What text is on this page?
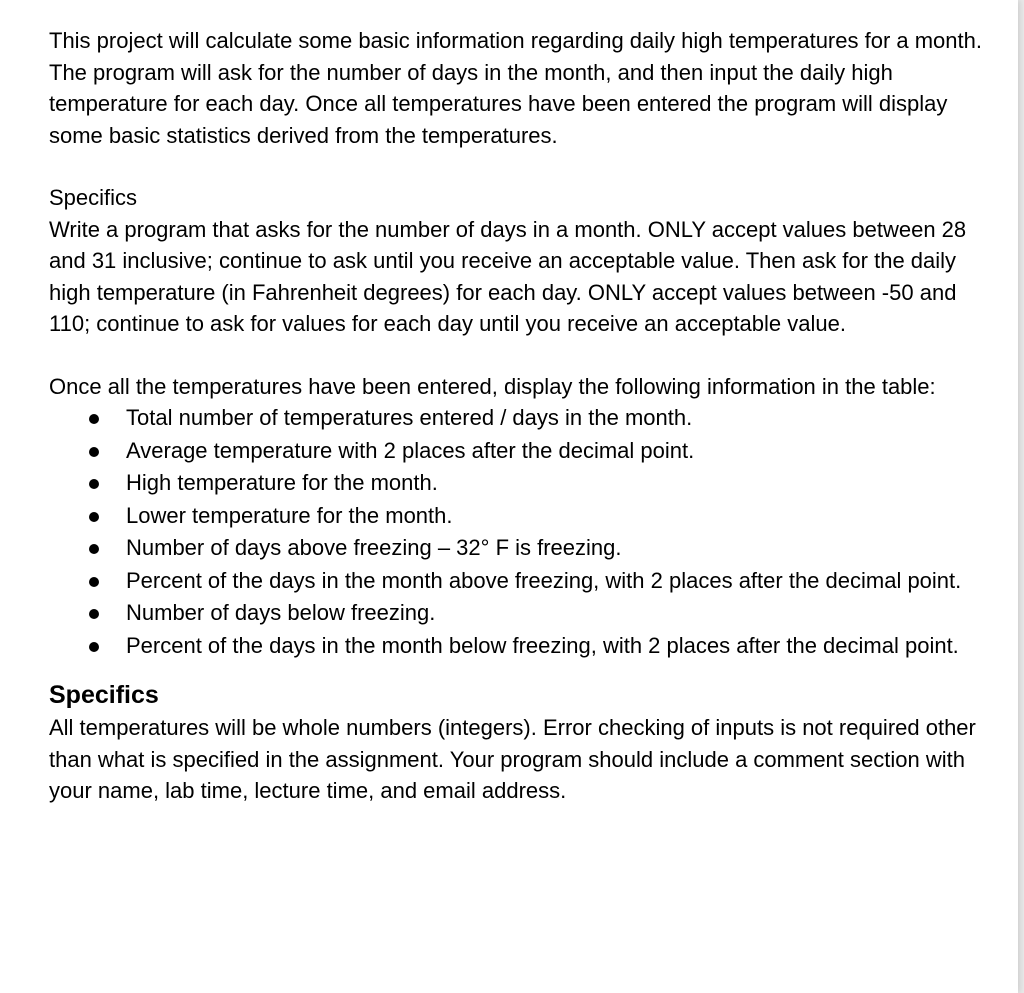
This project will calculate some basic information regarding daily high temperatures for a month. The program will ask for the number of days in the month, and then input the daily high temperature for each day. Once all temperatures have been entered the program will display some basic statistics derived from the temperatures.

Specifics

Write a program that asks for the number of days in a month. ONLY accept values between 28 and 31 inclusive; continue to ask until you receive an acceptable value. Then ask for the daily high temperature (in Fahrenheit degrees) for each day. ONLY accept values between -50 and 110; continue to ask for values for each day until you receive an acceptable value.

Once all the temperatures have been entered, display the following information in the table:

Total number of temperatures entered / days in the month.
Average temperature with 2 places after the decimal point.
High temperature for the month.
Lower temperature for the month.
Number of days above freezing – 32° F is freezing.
Percent of the days in the month above freezing, with 2 places after the decimal point.
Number of days below freezing.
Percent of the days in the month below freezing, with 2 places after the decimal point.

Specifics

All temperatures will be whole numbers (integers). Error checking of inputs is not required other than what is specified in the assignment. Your program should include a comment section with your name, lab time, lecture time, and email address.
